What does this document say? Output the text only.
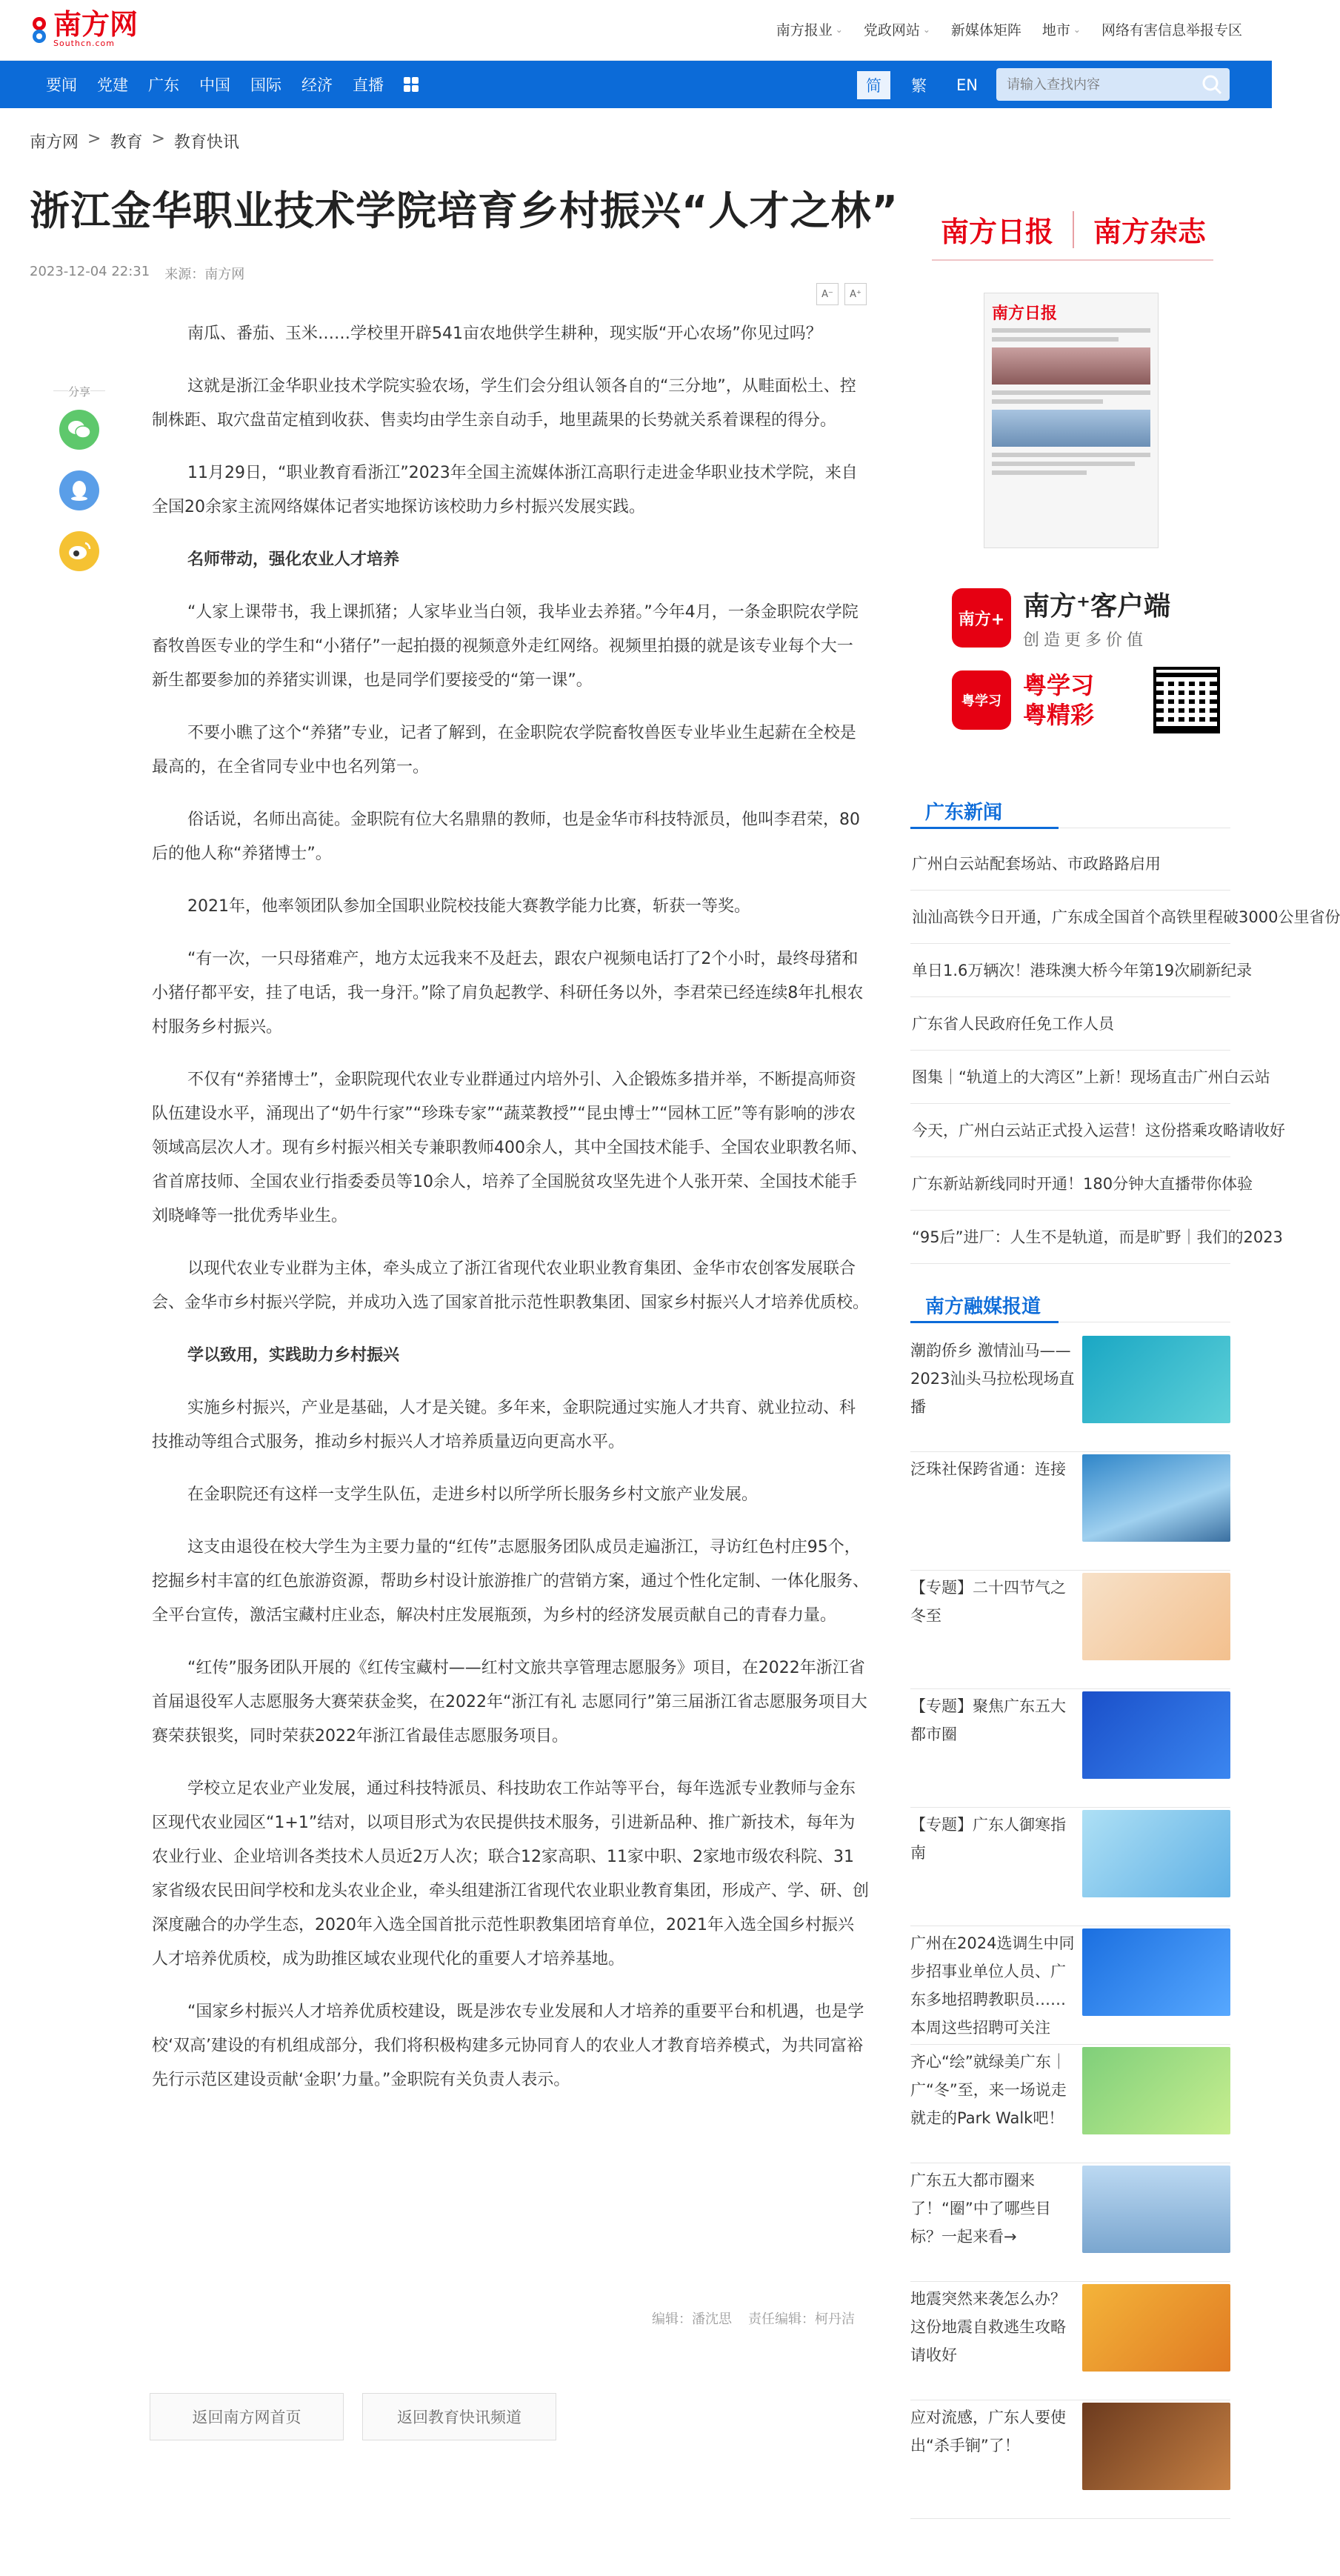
南方网
Southcn.com
南方报业 ⌄ 党政网站 ⌄ 新媒体矩阵 地市 ⌄ 网络有害信息举报专区
要闻 党建 广东 中国 国际 经济 直播	简	繁	EN
请输入查找内容
南方网 > 教育 > 教育快讯
浙江金华职业技术学院培育乡村振兴“人才之林”
2023-12-04 22:31 来源：南方网
A⁻	A⁺
分享

南瓜、番茄、玉米……学校里开辟541亩农地供学生耕种，现实版“开心农场”你见过吗？

这就是浙江金华职业技术学院实验农场，学生们会分组认领各自的“三分地”，从畦面松土、控制株距、取穴盘苗定植到收获、售卖均由学生亲自动手，地里蔬果的长势就关系着课程的得分。

11月29日，“职业教育看浙江”2023年全国主流媒体浙江高职行走进金华职业技术学院，来自全国20余家主流网络媒体记者实地探访该校助力乡村振兴发展实践。

名师带动，强化农业人才培养

“人家上课带书，我上课抓猪；人家毕业当白领，我毕业去养猪。”今年4月，一条金职院农学院畜牧兽医专业的学生和“小猪仔”一起拍摄的视频意外走红网络。视频里拍摄的就是该专业每个大一新生都要参加的养猪实训课，也是同学们要接受的“第一课”。

不要小瞧了这个“养猪”专业，记者了解到，在金职院农学院畜牧兽医专业毕业生起薪在全校是最高的，在全省同专业中也名列第一。

俗话说，名师出高徒。金职院有位大名鼎鼎的教师，也是金华市科技特派员，他叫李君荣，80后的他人称“养猪博士”。

2021年，他率领团队参加全国职业院校技能大赛教学能力比赛，斩获一等奖。

“有一次，一只母猪难产，地方太远我来不及赶去，跟农户视频电话打了2个小时，最终母猪和小猪仔都平安，挂了电话，我一身汗。”除了肩负起教学、科研任务以外，李君荣已经连续8年扎根农村服务乡村振兴。

不仅有“养猪博士”，金职院现代农业专业群通过内培外引、入企锻炼多措并举，不断提高师资队伍建设水平，涌现出了“奶牛行家”“珍珠专家”“蔬菜教授”“昆虫博士”“园林工匠”等有影响的涉农领域高层次人才。现有乡村振兴相关专兼职教师400余人，其中全国技术能手、全国农业职教名师、省首席技师、全国农业行指委委员等10余人，培养了全国脱贫攻坚先进个人张开荣、全国技术能手刘晓峰等一批优秀毕业生。

以现代农业专业群为主体，牵头成立了浙江省现代农业职业教育集团、金华市农创客发展联合会、金华市乡村振兴学院，并成功入选了国家首批示范性职教集团、国家乡村振兴人才培养优质校。

学以致用，实践助力乡村振兴

实施乡村振兴，产业是基础，人才是关键。多年来，金职院通过实施人才共育、就业拉动、科技推动等组合式服务，推动乡村振兴人才培养质量迈向更高水平。

在金职院还有这样一支学生队伍，走进乡村以所学所长服务乡村文旅产业发展。

这支由退役在校大学生为主要力量的“红传”志愿服务团队成员走遍浙江，寻访红色村庄95个，挖掘乡村丰富的红色旅游资源，帮助乡村设计旅游推广的营销方案，通过个性化定制、一体化服务、全平台宣传，激活宝藏村庄业态，解决村庄发展瓶颈，为乡村的经济发展贡献自己的青春力量。

“红传”服务团队开展的《红传宝藏村——红村文旅共享管理志愿服务》项目，在2022年浙江省首届退役军人志愿服务大赛荣获金奖，在2022年“浙江有礼 志愿同行”第三届浙江省志愿服务项目大赛荣获银奖，同时荣获2022年浙江省最佳志愿服务项目。

学校立足农业产业发展，通过科技特派员、科技助农工作站等平台，每年选派专业教师与金东区现代农业园区“1+1”结对，以项目形式为农民提供技术服务，引进新品种、推广新技术，每年为农业行业、企业培训各类技术人员近2万人次；联合12家高职、11家中职、2家地市级农科院、31家省级农民田间学校和龙头农业企业，牵头组建浙江省现代农业职业教育集团，形成产、学、研、创深度融合的办学生态，2020年入选全国首批示范性职教集团培育单位，2021年入选全国乡村振兴人才培养优质校，成为助推区域农业现代化的重要人才培养基地。

“国家乡村振兴人才培养优质校建设，既是涉农专业发展和人才培养的重要平台和机遇，也是学校‘双高’建设的有机组成部分，我们将积极构建多元协同育人的农业人才教育培养模式，为共同富裕先行示范区建设贡献‘金职’力量。”金职院有关负责人表示。

编辑：潘沈思 责任编辑：柯丹洁
返回南方网首页	返回教育快讯频道
南方日报 南方杂志
南方日报
南方+ 南方⁺客户端
创造更多价值
粤学习
粤学习
粤精彩
广东新闻
广州白云站配套场站、市政路路启用
汕汕高铁今日开通，广东成全国首个高铁里程破3000公里省份
单日1.6万辆次！港珠澳大桥今年第19次刷新纪录
广东省人民政府任免工作人员
图集｜“轨道上的大湾区”上新！现场直击广州白云站
今天，广州白云站正式投入运营！这份搭乘攻略请收好
广东新站新线同时开通！180分钟大直播带你体验
“95后”进厂：人生不是轨道，而是旷野｜我们的2023
南方融媒报道
潮韵侨乡 激情汕马——2023汕头马拉松现场直播
泛珠社保跨省通：连接
【专题】二十四节气之冬至
【专题】聚焦广东五大都市圈
【专题】广东人御寒指南
广州在2024选调生中同步招事业单位人员、广东多地招聘教职员……本周这些招聘可关注
齐心“绘”就绿美广东｜广“冬”至，来一场说走就走的Park Walk吧！
广东五大都市圈来了！“圈”中了哪些目标？一起来看→
地震突然来袭怎么办？这份地震自救逃生攻略请收好
应对流感，广东人要使出“杀手锏”了！
